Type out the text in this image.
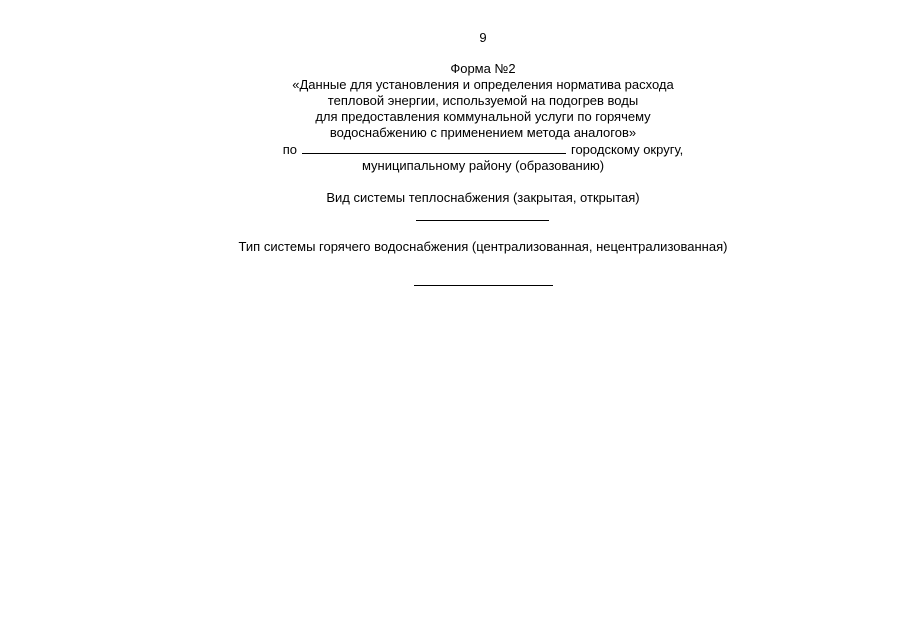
9
Форма №2
«Данные для установления и определения норматива расхода
тепловой энергии, используемой на подогрев воды
для предоставления коммунальной услуги по горячему
водоснабжению с применением метода аналогов»
по	городскому округу,
муниципальному району (образованию)
Вид системы теплоснабжения (закрытая, открытая)
Тип системы горячего водоснабжения (централизованная, нецентрализованная)
